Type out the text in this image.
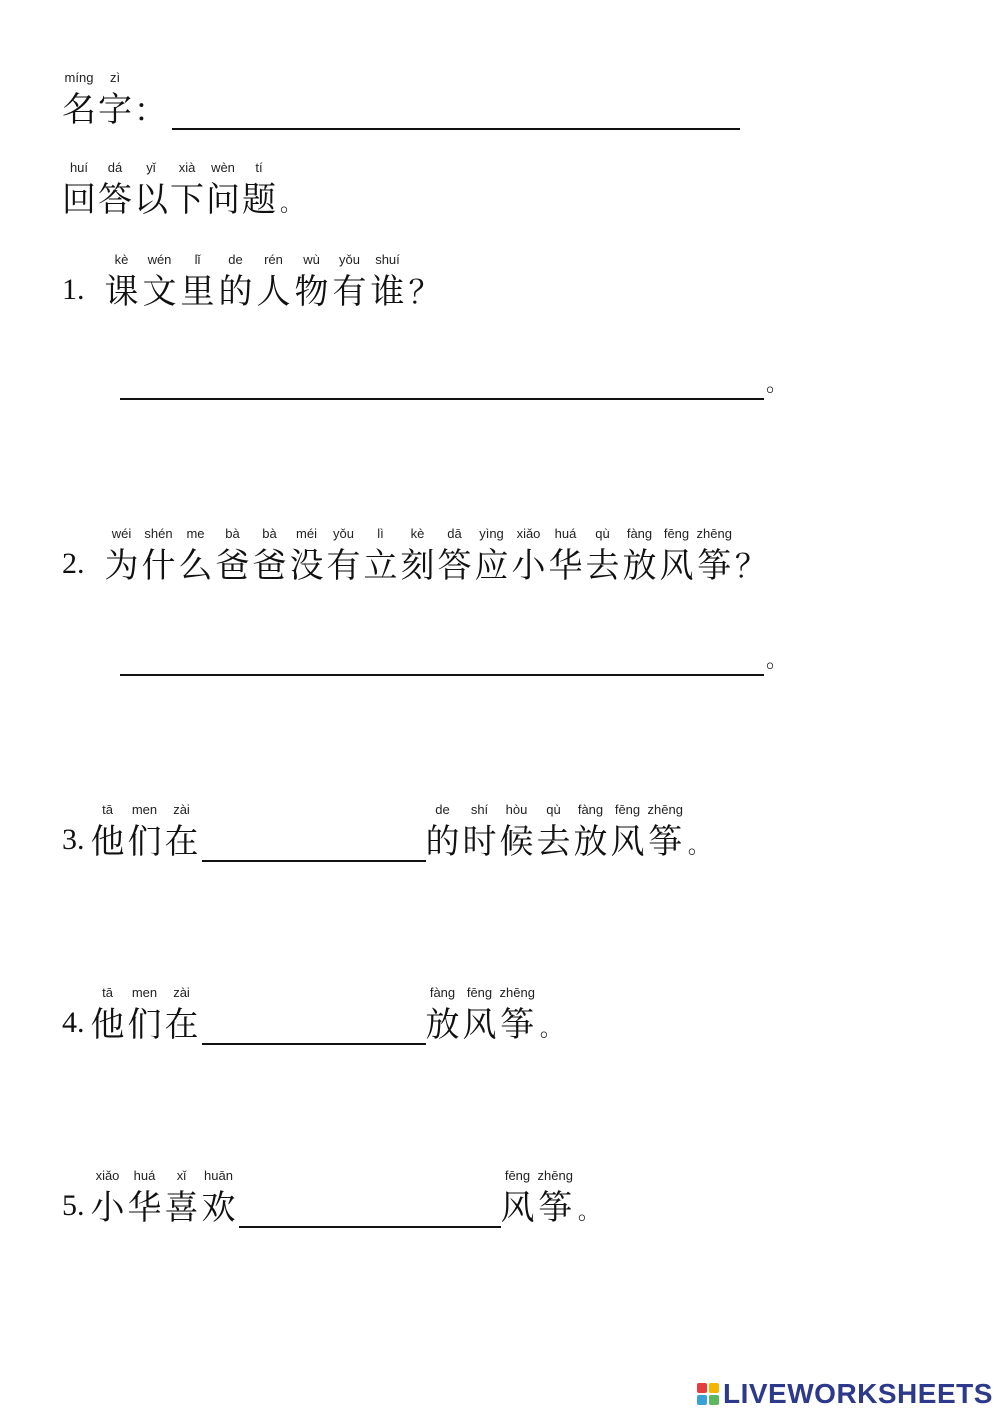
míng
名
zì
字 ：
huí
回
dá
答
yǐ
以
xià
下
wèn
问
tí
题 。
1.
kè
课
wén
文
lǐ
里
de
的
rén
人
wù
物
yǒu
有
shuí
谁 ？
。
2.
wéi
为
shén
什
me
么
bà
爸
bà
爸
méi
没
yǒu
有
lì
立
kè
刻
dā
答
yìng
应
xiǎo
小
huá
华
qù
去
fàng
放
fēng
风
zhēng
筝 ？
。
3.
tā
他
men
们
zài
在
de
的
shí
时
hòu
候
qù
去
fàng
放
fēng
风
zhēng
筝 。
4.
tā
他
men
们
zài
在
fàng
放
fēng
风
zhēng
筝 。
5.
xiǎo
小
huá
华
xǐ
喜
huān
欢
fēng
风
zhēng
筝 。
LIVEWORKSHEETS
